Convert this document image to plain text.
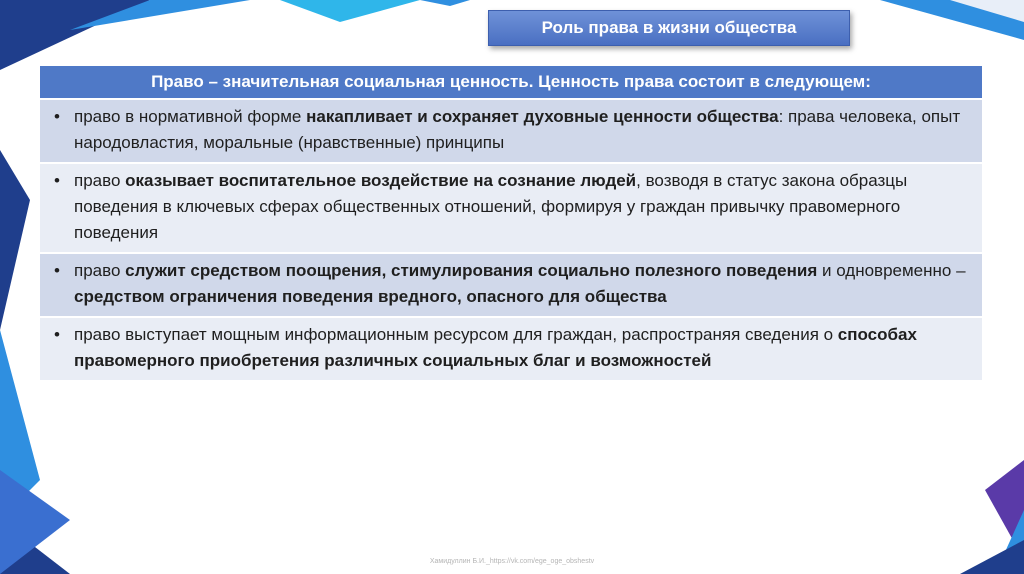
Роль права в жизни общества
Право – значительная социальная ценность. Ценность права состоит в следующем:
• право в нормативной форме накапливает и сохраняет духовные ценности общества: права человека, опыт народовластия, моральные (нравственные) принципы
• право оказывает воспитательное воздействие на сознание людей, возводя в статус закона образцы поведения в ключевых сферах общественных отношений, формируя у граждан привычку правомерного поведения
• право служит средством поощрения, стимулирования социально полезного поведения и одновременно – средством ограничения поведения вредного, опасного для общества
• право выступает мощным информационным ресурсом для граждан, распространяя сведения о способах правомерного приобретения различных социальных благ и возможностей
Хамидуллин Б.И._https://vk.com/ege_oge_obshestv
